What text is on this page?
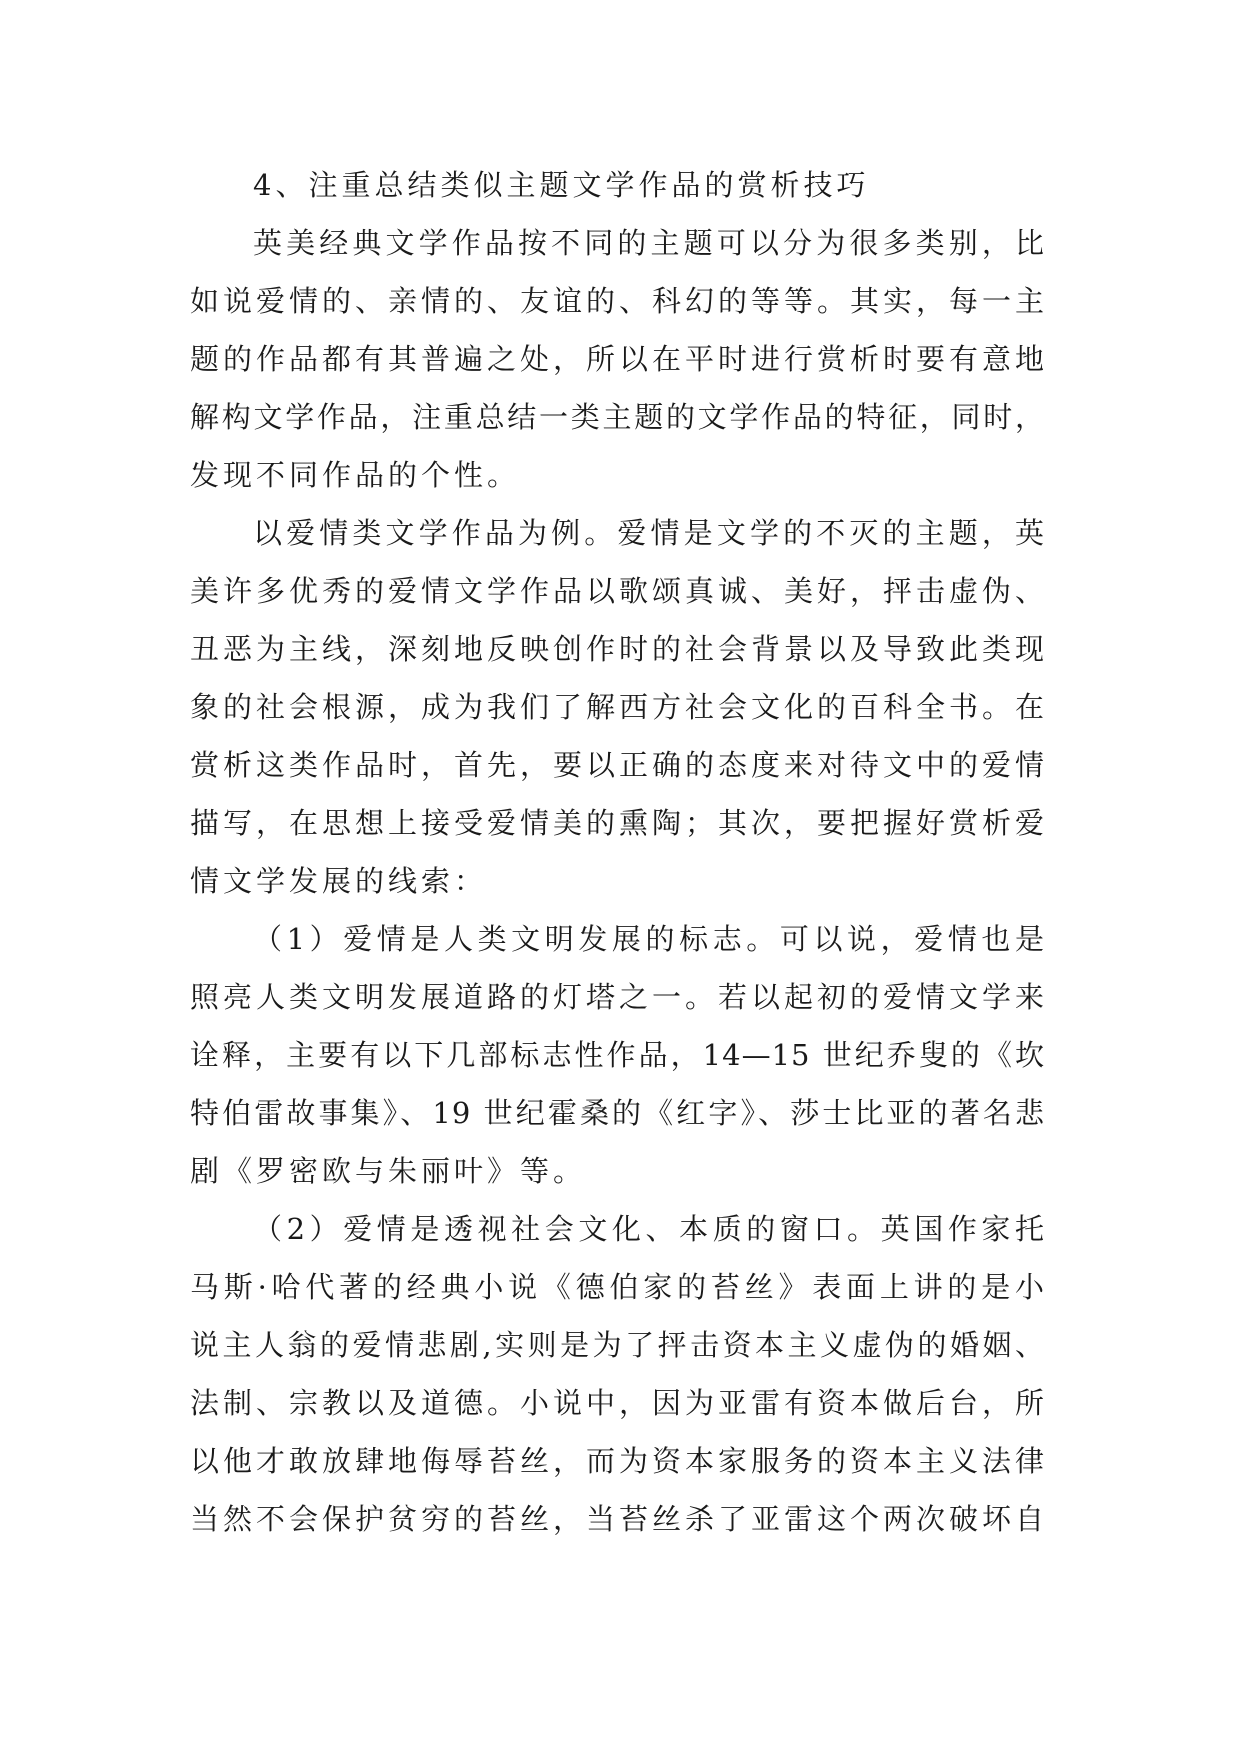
4、注重总结类似主题文学作品的赏析技巧
英美经典文学作品按不同的主题可以分为很多类别，比
如说爱情的、亲情的、友谊的、科幻的等等。其实，每一主
题的作品都有其普遍之处，所以在平时进行赏析时要有意地
解构文学作品，注重总结一类主题的文学作品的特征，同时，
发现不同作品的个性。
以爱情类文学作品为例。爱情是文学的不灭的主题，英
美许多优秀的爱情文学作品以歌颂真诚、美好，抨击虚伪、
丑恶为主线，深刻地反映创作时的社会背景以及导致此类现
象的社会根源，成为我们了解西方社会文化的百科全书。在
赏析这类作品时，首先，要以正确的态度来对待文中的爱情
描写，在思想上接受爱情美的熏陶；其次，要把握好赏析爱
情文学发展的线索：
（1）爱情是人类文明发展的标志。可以说，爱情也是
照亮人类文明发展道路的灯塔之一。若以起初的爱情文学来
诠释，主要有以下几部标志性作品，14—15 世纪乔叟的《坎
特伯雷故事集》、19 世纪霍桑的《红字》、莎士比亚的著名悲
剧《罗密欧与朱丽叶》等。
（2）爱情是透视社会文化、本质的窗口。英国作家托
马斯·哈代著的经典小说《德伯家的苔丝》表面上讲的是小
说主人翁的爱情悲剧,实则是为了抨击资本主义虚伪的婚姻、
法制、宗教以及道德。小说中，因为亚雷有资本做后台，所
以他才敢放肆地侮辱苔丝，而为资本家服务的资本主义法律
当然不会保护贫穷的苔丝，当苔丝杀了亚雷这个两次破坏自
